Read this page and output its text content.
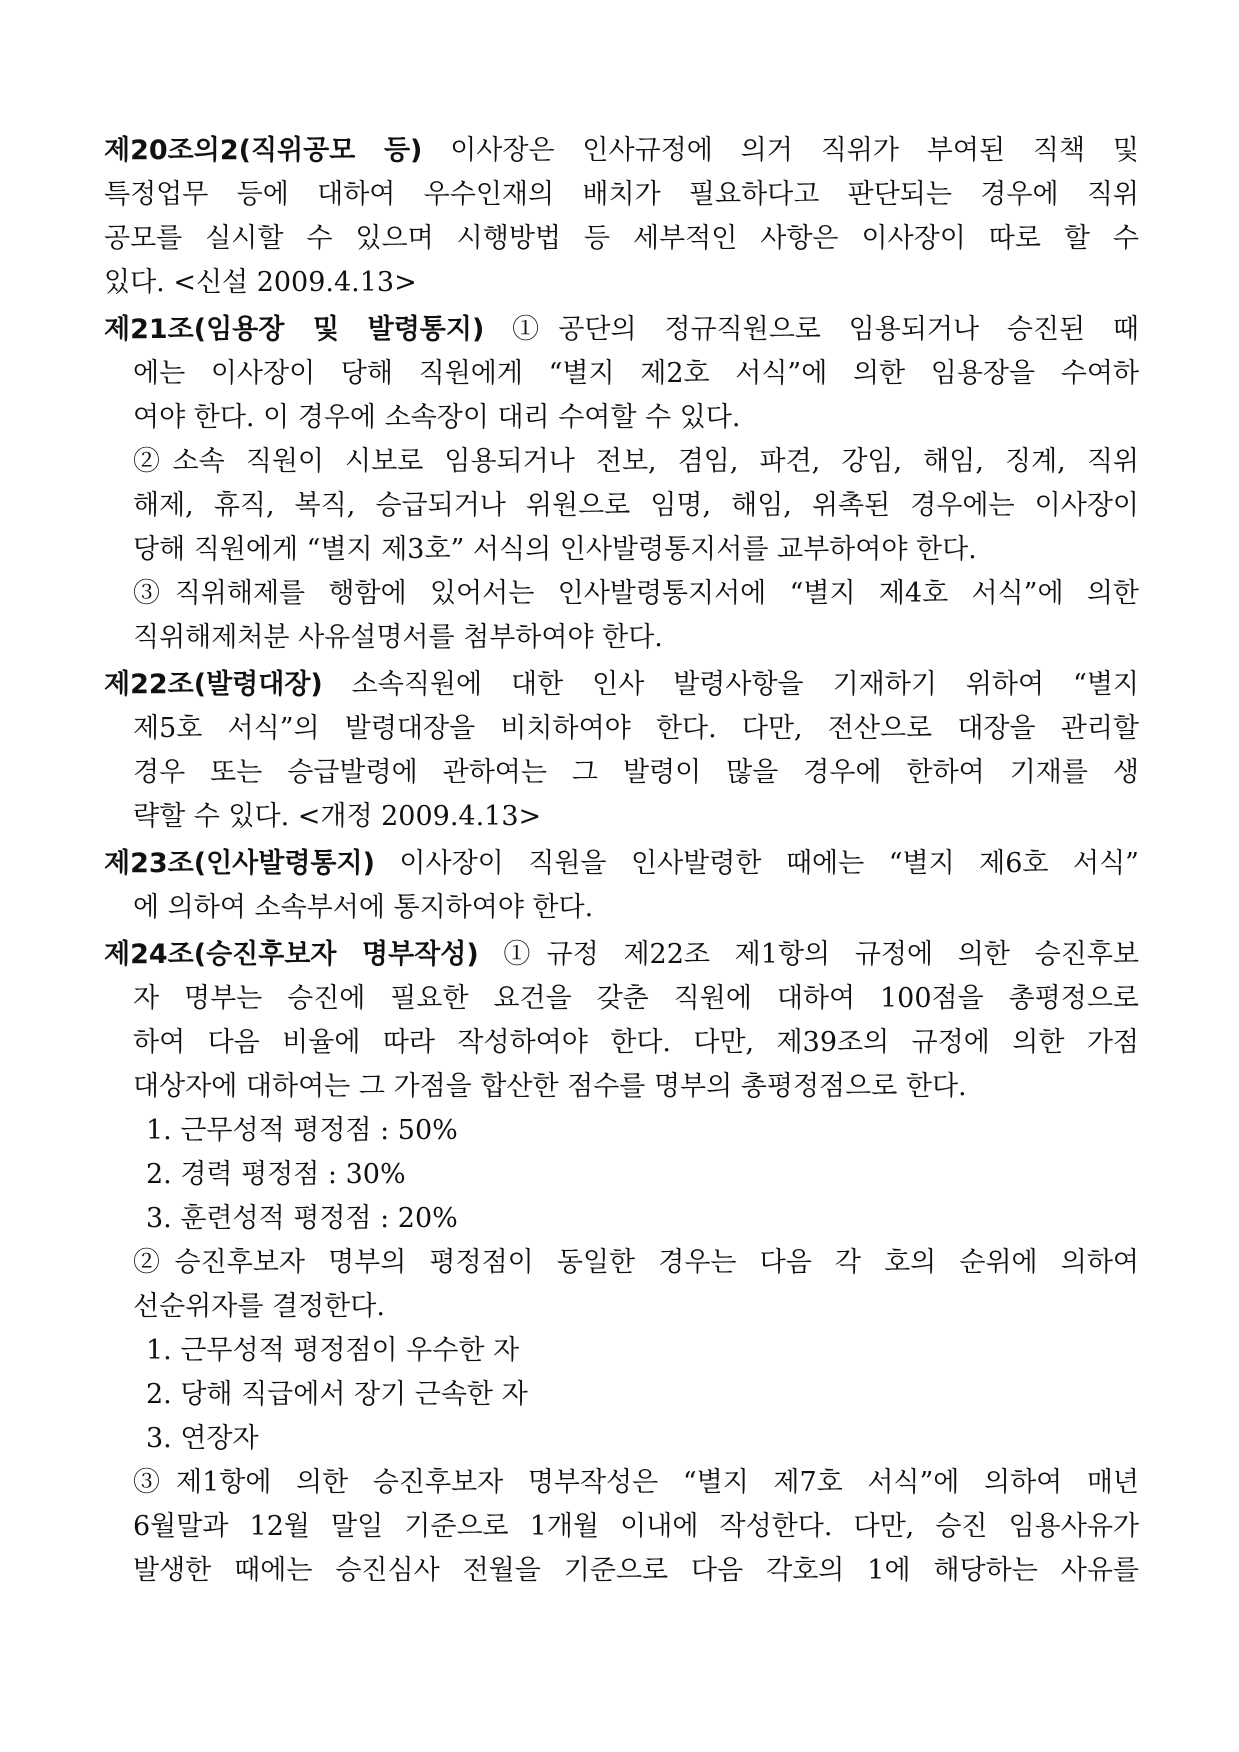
제20조의2(직위공모 등) 이사장은 인사규정에 의거 직위가 부여된 직책 및
특정업무 등에 대하여 우수인재의 배치가 필요하다고 판단되는 경우에 직위
공모를 실시할 수 있으며 시행방법 등 세부적인 사항은 이사장이 따로 할 수
있다. <신설 2009.4.13>
제21조(임용장 및 발령통지) ①공단의 정규직원으로 임용되거나 승진된 때
에는 이사장이 당해 직원에게 “별지 제2호 서식”에 의한 임용장을 수여하
여야 한다. 이 경우에 소속장이 대리 수여할 수 있다.
②소속 직원이 시보로 임용되거나 전보, 겸임, 파견, 강임, 해임, 징계, 직위
해제, 휴직, 복직, 승급되거나 위원으로 임명, 해임, 위촉된 경우에는 이사장이
당해 직원에게 “별지 제3호” 서식의 인사발령통지서를 교부하여야 한다.
③직위해제를 행함에 있어서는 인사발령통지서에 “별지 제4호 서식”에 의한
직위해제처분 사유설명서를 첨부하여야 한다.
제22조(발령대장) 소속직원에 대한 인사 발령사항을 기재하기 위하여 “별지
제5호 서식”의 발령대장을 비치하여야 한다. 다만, 전산으로 대장을 관리할
경우 또는 승급발령에 관하여는 그 발령이 많을 경우에 한하여 기재를 생
략할 수 있다. <개정 2009.4.13>
제23조(인사발령통지) 이사장이 직원을 인사발령한 때에는 “별지 제6호 서식”
에 의하여 소속부서에 통지하여야 한다.
제24조(승진후보자 명부작성) ①규정 제22조 제1항의 규정에 의한 승진후보
자 명부는 승진에 필요한 요건을 갖춘 직원에 대하여 100점을 총평정으로
하여 다음 비율에 따라 작성하여야 한다. 다만, 제39조의 규정에 의한 가점
대상자에 대하여는 그 가점을 합산한 점수를 명부의 총평정점으로 한다.
1. 근무성적 평정점 : 50%
2. 경력 평정점 : 30%
3. 훈련성적 평정점 : 20%
②승진후보자 명부의 평정점이 동일한 경우는 다음 각 호의 순위에 의하여
선순위자를 결정한다.
1. 근무성적 평정점이 우수한 자
2. 당해 직급에서 장기 근속한 자
3. 연장자
③제1항에 의한 승진후보자 명부작성은 “별지 제7호 서식”에 의하여 매년
6월말과 12월 말일 기준으로 1개월 이내에 작성한다. 다만, 승진 임용사유가
발생한 때에는 승진심사 전월을 기준으로 다음 각호의 1에 해당하는 사유를
